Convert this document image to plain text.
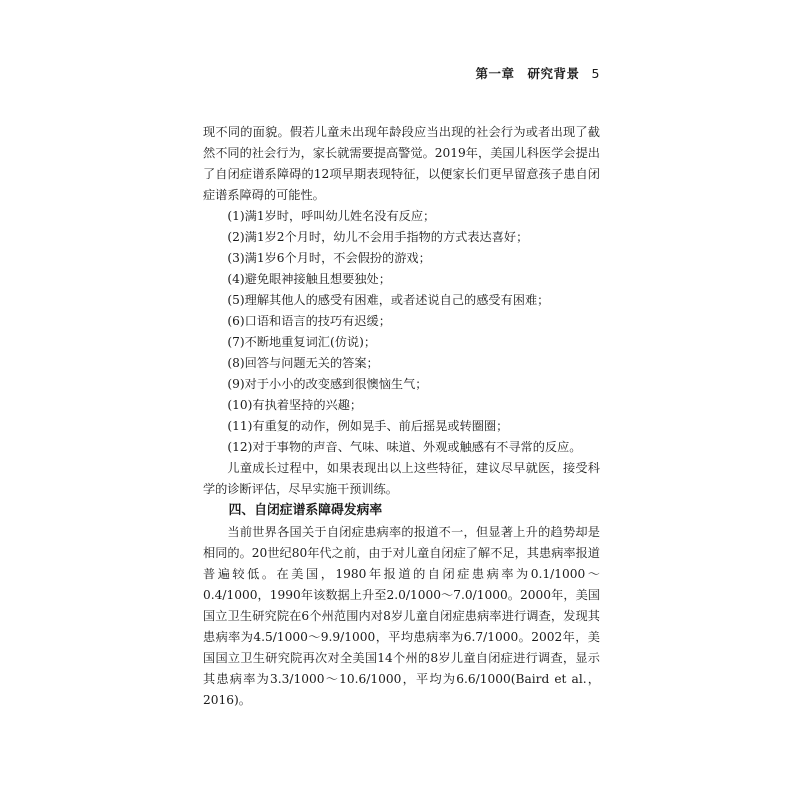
第一章　研究背景 5

现不同的面貌。假若儿童未出现年龄段应当出现的社会行为或者出现了截然不同的社会行为，家长就需要提高警觉。2019年，美国儿科医学会提出了自闭症谱系障碍的12项早期表现特征，以便家长们更早留意孩子患自闭症谱系障碍的可能性。

(1)满1岁时，呼叫幼儿姓名没有反应；

(2)满1岁2个月时，幼儿不会用手指物的方式表达喜好；

(3)满1岁6个月时，不会假扮的游戏；

(4)避免眼神接触且想要独处；

(5)理解其他人的感受有困难，或者述说自己的感受有困难；

(6)口语和语言的技巧有迟缓；

(7)不断地重复词汇(仿说)；

(8)回答与问题无关的答案；

(9)对于小小的改变感到很懊恼生气；

(10)有执着坚持的兴趣；

(11)有重复的动作，例如晃手、前后摇晃或转圈圈；

(12)对于事物的声音、气味、味道、外观或触感有不寻常的反应。

儿童成长过程中，如果表现出以上这些特征，建议尽早就医，接受科学的诊断评估，尽早实施干预训练。

四、自闭症谱系障碍发病率

当前世界各国关于自闭症患病率的报道不一，但显著上升的趋势却是相同的。20世纪80年代之前，由于对儿童自闭症了解不足，其患病率报道普遍较低。在美国，1980年报道的自闭症患病率为0.1/1000～0.4/1000，1990年该数据上升至2.0/1000～7.0/1000。2000年，美国国立卫生研究院在6个州范围内对8岁儿童自闭症患病率进行调查，发现其患病率为4.5/1000～9.9/1000，平均患病率为6.7/1000。2002年，美国国立卫生研究院再次对全美国14个州的8岁儿童自闭症进行调查，显示其患病率为3.3/1000～10.6/1000，平均为6.6/1000(Baird et al.，2016)。
